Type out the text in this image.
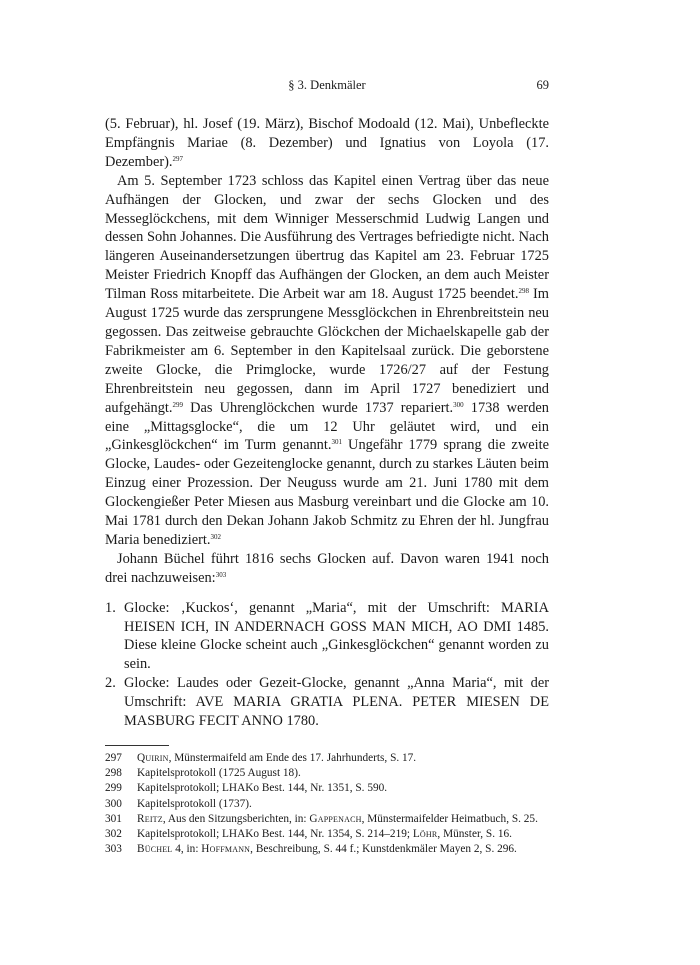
§ 3. Denkmäler	69

(5. Februar), hl. Josef (19. März), Bischof Modoald (12. Mai), Unbefleckte Empfängnis Mariae (8. Dezember) und Ignatius von Loyola (17. Dezember).$^{297}$

Am 5. September 1723 schloss das Kapitel einen Vertrag über das neue Aufhängen der Glocken, und zwar der sechs Glocken und des Messeglöckchens, mit dem Winniger Messerschmid Ludwig Langen und dessen Sohn Johannes. Die Ausführung des Vertrages befriedigte nicht. Nach längeren Auseinandersetzungen übertrug das Kapitel am 23. Februar 1725 Meister Friedrich Knopff das Aufhängen der Glocken, an dem auch Meister Tilman Ross mitarbeitete. Die Arbeit war am 18. August 1725 beendet.$^{298}$ Im August 1725 wurde das zersprungene Messglöckchen in Ehrenbreitstein neu gegossen. Das zeitweise gebrauchte Glöckchen der Michaelskapelle gab der Fabrikmeister am 6. September in den Kapitelsaal zurück. Die geborstene zweite Glocke, die Primglocke, wurde 1726/27 auf der Festung Ehrenbreitstein neu gegossen, dann im April 1727 benediziert und aufgehängt.$^{299}$ Das Uhrenglöckchen wurde 1737 repariert.$^{300}$ 1738 werden eine „Mittagsglocke“, die um 12 Uhr geläutet wird, und ein „Ginkesglöckchen“ im Turm genannt.$^{301}$ Ungefähr 1779 sprang die zweite Glocke, Laudes- oder Gezeitenglocke genannt, durch zu starkes Läuten beim Einzug einer Prozession. Der Neuguss wurde am 21. Juni 1780 mit dem Glockengießer Peter Miesen aus Masburg vereinbart und die Glocke am 10. Mai 1781 durch den Dekan Johann Jakob Schmitz zu Ehren der hl. Jungfrau Maria benediziert.$^{302}$

Johann Büchel führt 1816 sechs Glocken auf. Davon waren 1941 noch drei nachzuweisen:$^{303}$

1. Glocke: ‚Kuckos‘, genannt „Maria“, mit der Umschrift: MARIA HEISEN ICH, IN ANDERNACH GOSS MAN MICH, AO DMI 1485. Diese kleine Glocke scheint auch „Ginkesglöckchen“ genannt worden zu sein.
2. Glocke: Laudes oder Gezeit-Glocke, genannt „Anna Maria“, mit der Umschrift: AVE MARIA GRATIA PLENA. PETER MIESEN DE MASBURG FECIT ANNO 1780.
297 Quirin, Münstermaifeld am Ende des 17. Jahrhunderts, S. 17.
298 Kapitelsprotokoll (1725 August 18).
299 Kapitelsprotokoll; LHAKo Best. 144, Nr. 1351, S. 590.
300 Kapitelsprotokoll (1737).
301 Reitz, Aus den Sitzungsberichten, in: Gappenach, Münstermaifelder Heimatbuch, S. 25.
302 Kapitelsprotokoll; LHAKo Best. 144, Nr. 1354, S. 214–219; Löhr, Münster, S. 16.
303 Büchel 4, in: Hoffmann, Beschreibung, S. 44 f.; Kunstdenkmäler Mayen 2, S. 296.
